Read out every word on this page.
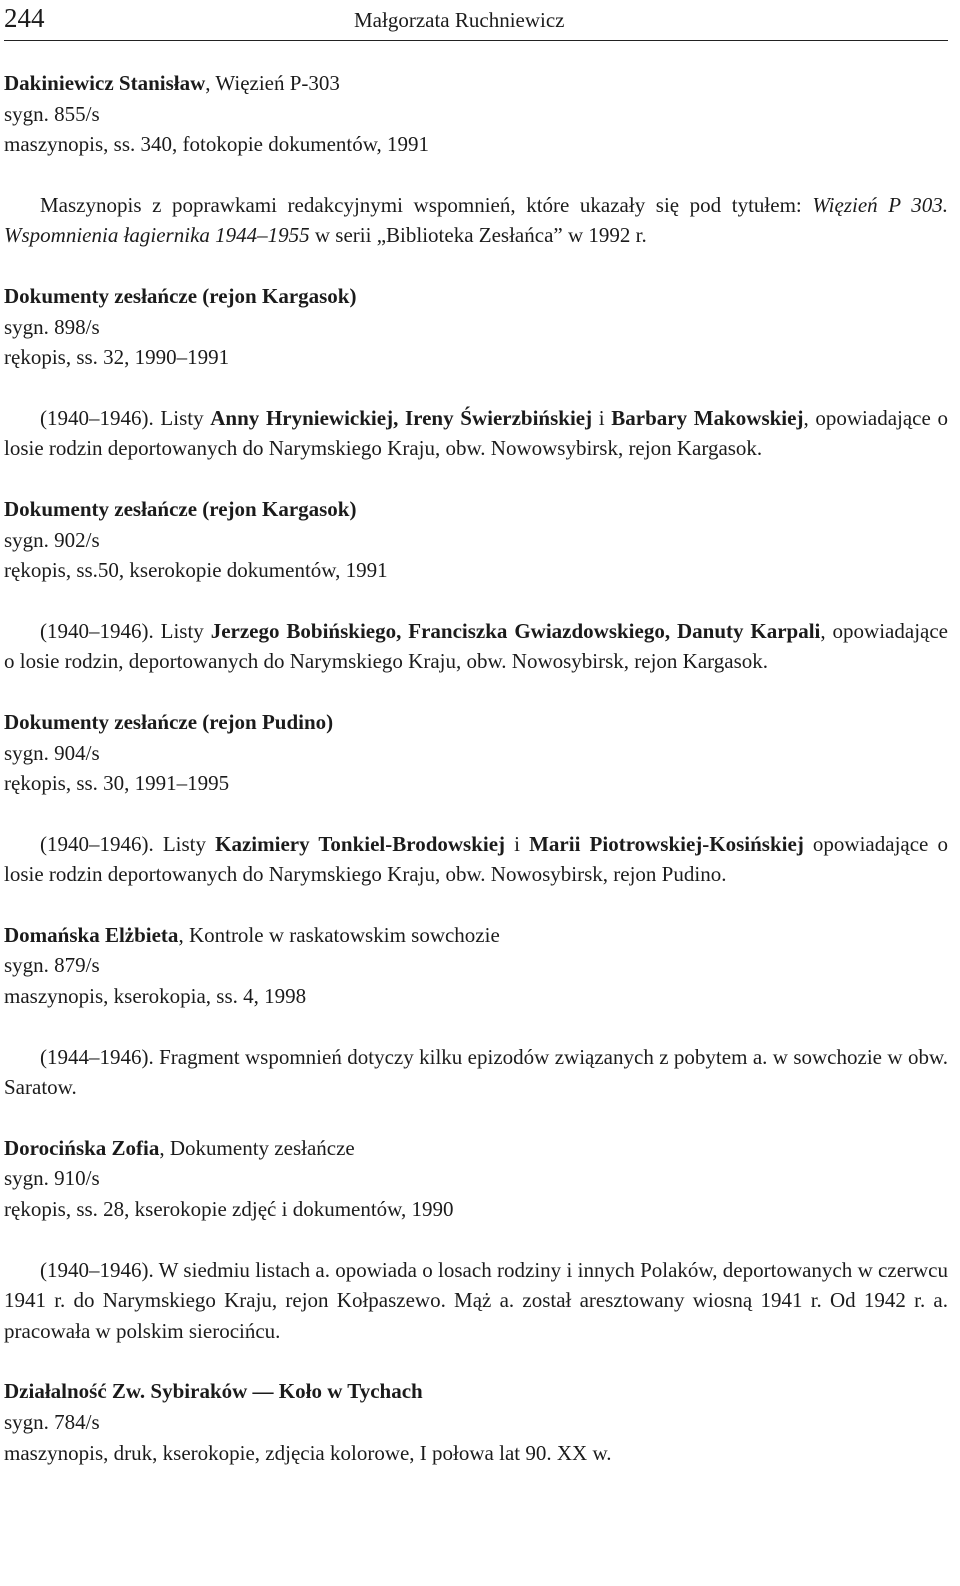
244	Małgorzata Ruchniewicz

Dakiniewicz Stanisław, Więzień P-303

sygn. 855/s

maszynopis, ss. 340, fotokopie dokumentów, 1991

Maszynopis z poprawkami redakcyjnymi wspomnień, które ukazały się pod tytułem: Więzień P 303. Wspomnienia łagiernika 1944–1955 w serii „Biblioteka Zesłańca” w 1992 r.

Dokumenty zesłańcze (rejon Kargasok)

sygn. 898/s

rękopis, ss. 32, 1990–1991

(1940–1946). Listy Anny Hryniewickiej, Ireny Świerzbińskiej i Barbary Makowskiej, opowiadające o losie rodzin deportowanych do Narymskiego Kraju, obw. Nowowsybirsk, rejon Kargasok.

Dokumenty zesłańcze (rejon Kargasok)

sygn. 902/s

rękopis, ss.50, kserokopie dokumentów, 1991

(1940–1946). Listy Jerzego Bobińskiego, Franciszka Gwiazdowskiego, Danuty Karpali, opowiadające o losie rodzin, deportowanych do Narymskiego Kraju, obw. Nowosybirsk, rejon Kargasok.

Dokumenty zesłańcze (rejon Pudino)

sygn. 904/s

rękopis, ss. 30, 1991–1995

(1940–1946). Listy Kazimiery Tonkiel-Brodowskiej i Marii Piotrowskiej-Kosińskiej opowiadające o losie rodzin deportowanych do Narymskiego Kraju, obw. Nowosybirsk, rejon Pudino.

Domańska Elżbieta, Kontrole w raskatowskim sowchozie

sygn. 879/s

maszynopis, kserokopia, ss. 4, 1998

(1944–1946). Fragment wspomnień dotyczy kilku epizodów związanych z pobytem a. w sowchozie w obw. Saratow.

Dorocińska Zofia, Dokumenty zesłańcze

sygn. 910/s

rękopis, ss. 28, kserokopie zdjęć i dokumentów, 1990

(1940–1946). W siedmiu listach a. opowiada o losach rodziny i innych Polaków, deportowanych w czerwcu 1941 r. do Narymskiego Kraju, rejon Kołpaszewo. Mąż a. został aresztowany wiosną 1941 r. Od 1942 r. a. pracowała w polskim sierocińcu.

Działalność Zw. Sybiraków — Koło w Tychach

sygn. 784/s

maszynopis, druk, kserokopie, zdjęcia kolorowe, I połowa lat 90. XX w.
